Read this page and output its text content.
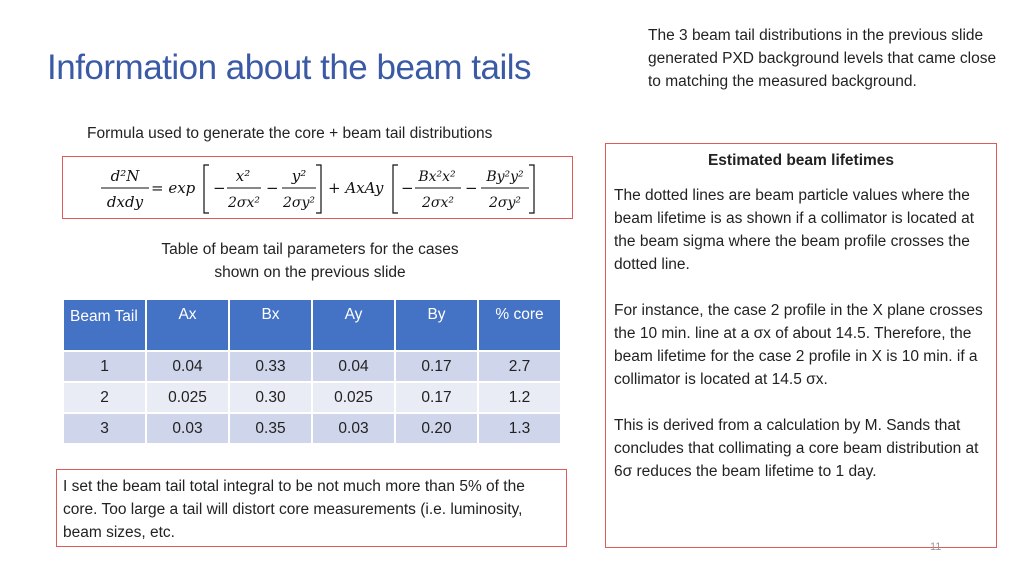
Information about the beam tails
The 3 beam tail distributions in the previous slide generated PXD background levels that came close to matching the measured background.
Formula used to generate the core + beam tail distributions
d²N
dxdy
= exp −
x²
2σx²
−
y²
2σy²
+ AxAy −
Bx²x²
2σx²
−
By²y²
2σy²
Table of beam tail parameters for the cases shown on the previous slide
Beam Tail	Ax	Bx	Ay	By	% core
1	0.04	0.33	0.04	0.17	2.7
2	0.025	0.30	0.025	0.17	1.2
3	0.03	0.35	0.03	0.20	1.3
I set the beam tail total integral to be not much more than 5% of the core. Too large a tail will distort core measurements (i.e. luminosity, beam sizes, etc.
Estimated beam lifetimes

The dotted lines are beam particle values where the beam lifetime is as shown if a collimator is located at the beam sigma where the beam profile crosses the dotted line.

For instance, the case 2 profile in the X plane crosses the 10 min. line at a σx of about 14.5. Therefore, the beam lifetime for the case 2 profile in X is 10 min. if a collimator is located at 14.5 σx.

This is derived from a calculation by M. Sands that concludes that collimating a core beam distribution at 6σ reduces the beam lifetime to 1 day.

11
